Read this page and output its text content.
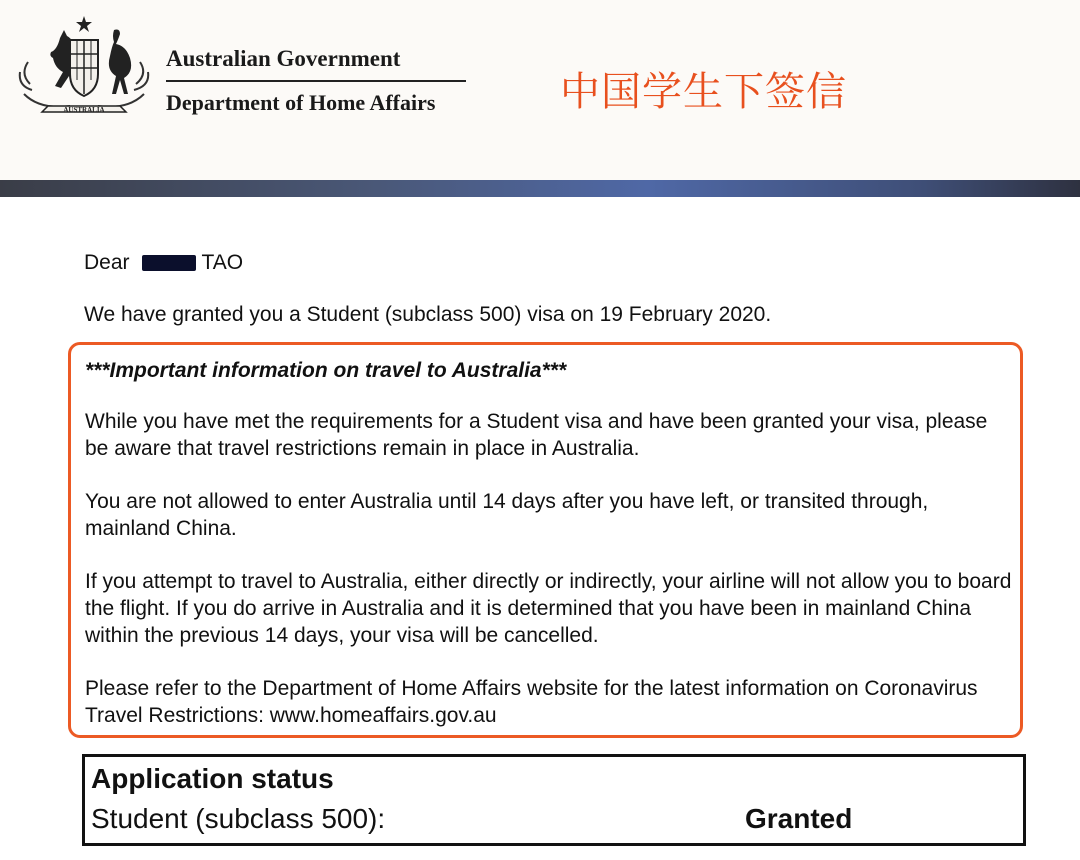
AUSTRALIA
Australian Government
Department of Home Affairs	中国学生下签信
Dear	TAO
We have granted you a Student (subclass 500) visa on 19 February 2020.
***Important information on travel to Australia***
While you have met the requirements for a Student visa and have been granted your visa, please be aware that travel restrictions remain in place in Australia.
You are not allowed to enter Australia until 14 days after you have left, or transited through, mainland China.
If you attempt to travel to Australia, either directly or indirectly, your airline will not allow you to board the flight. If you do arrive in Australia and it is determined that you have been in mainland China within the previous 14 days, your visa will be cancelled.
Please refer to the Department of Home Affairs website for the latest information on Coronavirus Travel Restrictions: www.homeaffairs.gov.au
Application status
Student (subclass 500):	Granted
